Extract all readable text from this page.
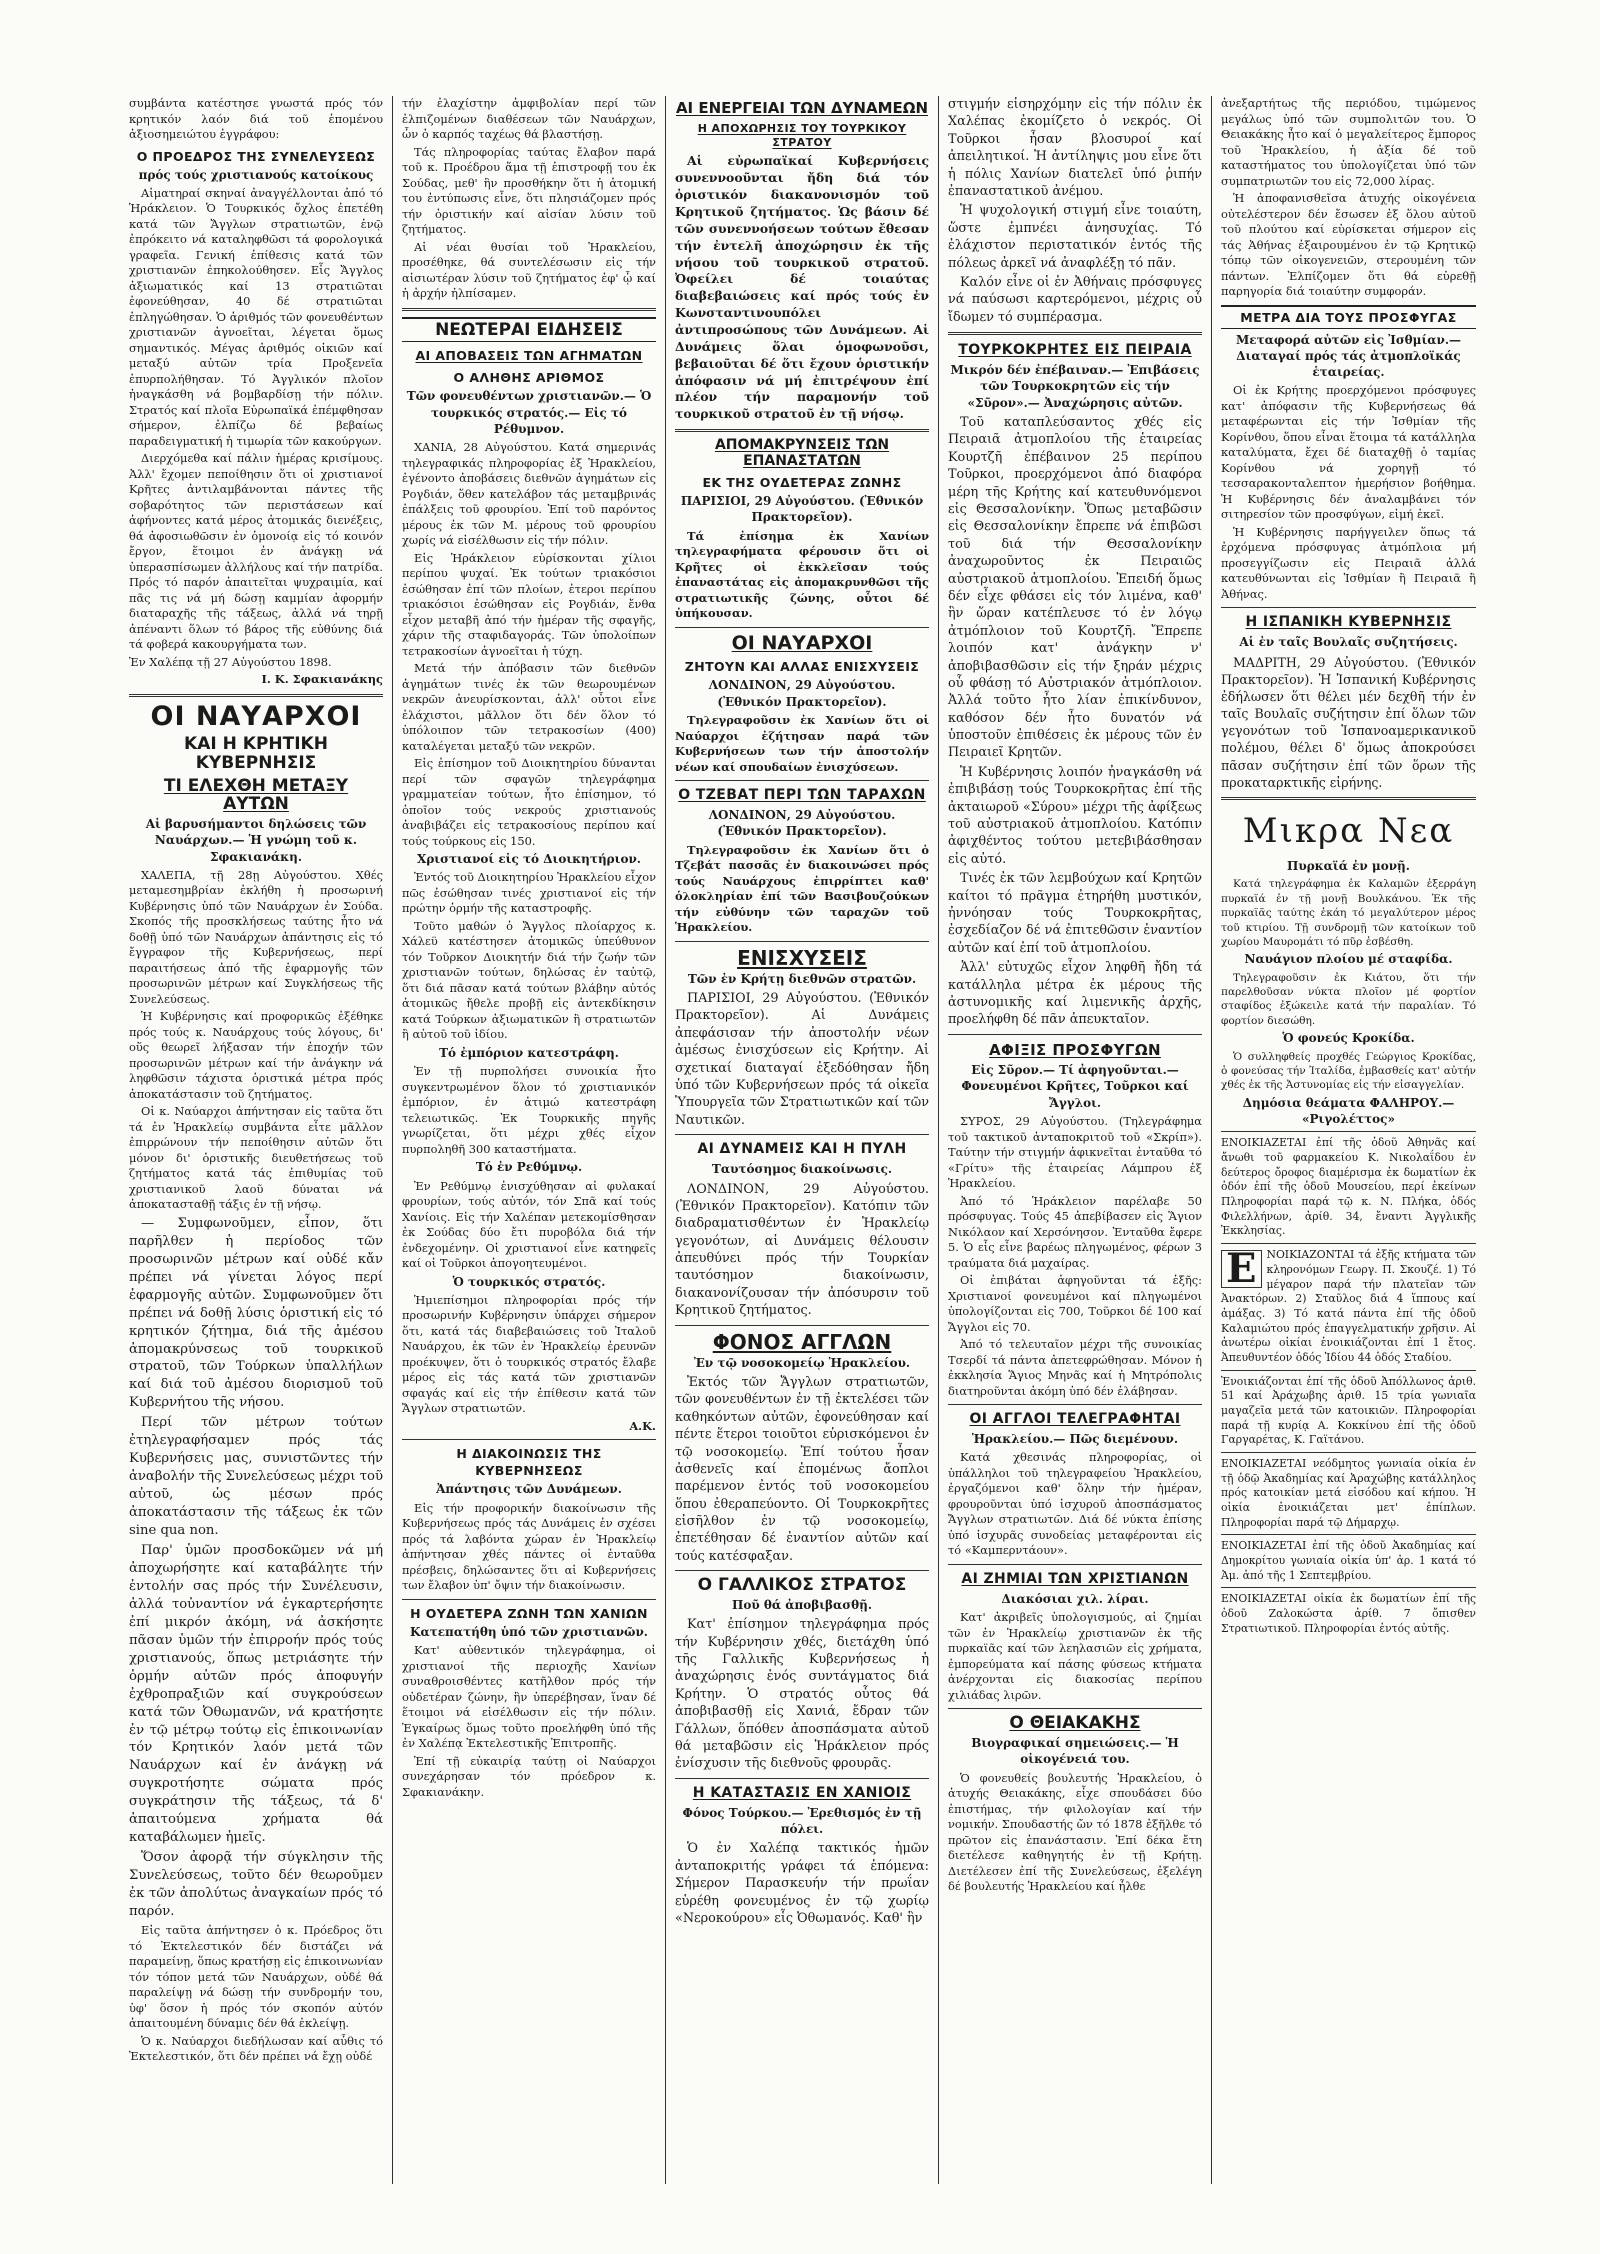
συμβάντα κατέστησε γνωστά πρός τόν κρητικόν λαόν διά τοῦ ἑπομένου ἀξιοσημειώτου ἐγγράφου:

Ο ΠΡΟΕΔΡΟΣ ΤΗΣ ΣΥΝΕΛΕΥΣΕΩΣ
πρός τούς χριστιανούς κατοίκους

Αἱματηραί σκηναί ἀναγγέλλονται ἀπό τό Ἡράκλειον. Ὁ Τουρκικός ὄχλος ἐπετέθη κατά τῶν Ἄγγλων στρατιωτῶν, ἐνῷ ἐπρόκειτο νά καταληφθῶσι τά φορολογικά γραφεῖα. Γενική ἐπίθεσις κατά τῶν χριστιανῶν ἐπηκολούθησεν. Εἷς Ἄγγλος ἀξιωματικός καί 13 στρατιῶται ἐφονεύθησαν, 40 δέ στρατιῶται ἐπληγώθησαν. Ὁ ἀριθμός τῶν φονευθέντων χριστιανῶν ἀγνοεῖται, λέγεται ὅμως σημαντικός. Μέγας ἀριθμός οἰκιῶν καί μεταξύ αὐτῶν τρία Προξενεῖα ἐπυρπολήθησαν. Τό Ἀγγλικόν πλοῖον ἠναγκάσθη νά βομβαρδίσῃ τήν πόλιν. Στρατός καί πλοῖα Εὐρωπαϊκά ἐπέμφθησαν σήμερον, ἐλπίζω δέ βεβαίως παραδειγματική ἡ τιμωρία τῶν κακούργων.

Διερχόμεθα καί πάλιν ἡμέρας κρισίμους. Ἀλλ' ἔχομεν πεποίθησιν ὅτι οἱ χριστιανοί Κρῆτες ἀντιλαμβάνονται πάντες τῆς σοβαρότητος τῶν περιστάσεων καί ἀφήνοντες κατά μέρος ἀτομικάς διενέξεις, θά ἀφοσιωθῶσιν ἐν ὁμονοίᾳ εἰς τό κοινόν ἔργον, ἕτοιμοι ἐν ἀνάγκῃ νά ὑπερασπίσωμεν ἀλλήλους καί τήν πατρίδα. Πρός τό παρόν ἀπαιτεῖται ψυχραιμία, καί πᾶς τις νά μή δώσῃ καμμίαν ἀφορμήν διαταραχῆς τῆς τάξεως, ἀλλά νά τηρῇ ἀπέναντι ὅλων τό βάρος τῆς εὐθύνης διά τά φοβερά κακουργήματα των.

Ἐν Χαλέπᾳ τῇ 27 Αὐγούστου 1898.

Ι. Κ. Σφακιανάκης
ΟΙ ΝΑΥΑΡΧΟΙ
ΚΑΙ Η ΚΡΗΤΙΚΗ ΚΥΒΕΡΝΗΣΙΣ
ΤΙ ΕΛΕΧΘΗ ΜΕΤΑΞΥ ΑΥΤΩΝ
Αἱ βαρυσήμαντοι δηλώσεις τῶν Ναυάρχων.— Ἡ γνώμη τοῦ κ. Σφακιανάκη.

ΧΑΛΕΠΑ, τῇ 28ῃ Αὐγούστου. Χθές μεταμεσημβρίαν ἐκλήθη ἡ προσωρινή Κυβέρνησις ὑπό τῶν Ναυάρχων ἐν Σούδα. Σκοπός τῆς προσκλήσεως ταύτης ἦτο νά δοθῇ ὑπό τῶν Ναυάρχων ἀπάντησις εἰς τό ἔγγραφον τῆς Κυβερνήσεως, περί παραιτήσεως ἀπό τῆς ἐφαρμογῆς τῶν προσωρινῶν μέτρων καί Συγκλήσεως τῆς Συνελεύσεως.

Ἡ Κυβέρνησις καί προφορικῶς ἐξέθηκε πρός τούς κ. Ναυάρχους τούς λόγους, δι' οὕς θεωρεῖ λήξασαν τήν ἐποχήν τῶν προσωρινῶν μέτρων καί τήν ἀνάγκην νά ληφθῶσιν τάχιστα ὁριστικά μέτρα πρός ἀποκατάστασιν τοῦ ζητήματος.

Οἱ κ. Ναύαρχοι ἀπήντησαν εἰς ταῦτα ὅτι τά ἐν Ἡρακλείῳ συμβάντα εἶτε μᾶλλον ἐπιρρώνουν τήν πεποίθησιν αὐτῶν ὅτι μόνον δι' ὁριστικῆς διευθετήσεως τοῦ ζητήματος κατά τάς ἐπιθυμίας τοῦ χριστιανικοῦ λαοῦ δύναται νά ἀποκατασταθῇ τάξις ἐν τῇ νήσῳ.

— Συμφωνοῦμεν, εἶπον, ὅτι παρῆλθεν ἡ περίοδος τῶν προσωρινῶν μέτρων καί οὐδέ κἄν πρέπει νά γίνεται λόγος περί ἐφαρμογῆς αὐτῶν. Συμφωνοῦμεν ὅτι πρέπει νά δοθῇ λύσις ὁριστική εἰς τό κρητικόν ζήτημα, διά τῆς ἀμέσου ἀπομακρύνσεως τοῦ τουρκικοῦ στρατοῦ, τῶν Τούρκων ὑπαλλήλων καί διά τοῦ ἀμέσου διορισμοῦ τοῦ Κυβερνήτου τῆς νήσου.

Περί τῶν μέτρων τούτων ἐτηλεγραφήσαμεν πρός τάς Κυβερνήσεις μας, συνιστῶντες τήν ἀναβολήν τῆς Συνελεύσεως μέχρι τοῦ αὐτοῦ, ὡς μέσων πρός ἀποκατάστασιν τῆς τάξεως ἐκ τῶν sine qua non.

Παρ' ὑμῶν προσδοκῶμεν νά μή ἀποχωρήσητε καί καταβάλητε τήν ἐντολήν σας πρός τήν Συνέλευσιν, ἀλλά τοὐναντίον νά ἐγκαρτερήσητε ἐπί μικρόν ἀκόμη, νά ἀσκήσητε πᾶσαν ὑμῶν τήν ἐπιρροήν πρός τούς χριστιανούς, ὅπως μετριάσητε τήν ὁρμήν αὐτῶν πρός ἀποφυγήν ἐχθροπραξιῶν καί συγκρούσεων κατά τῶν Ὀθωμανῶν, νά κρατήσητε ἐν τῷ μέτρῳ τούτῳ εἰς ἐπικοινωνίαν τόν Κρητικόν λαόν μετά τῶν Ναυάρχων καί ἐν ἀνάγκῃ νά συγκροτήσητε σώματα πρός συγκράτησιν τῆς τάξεως, τά δ' ἀπαιτούμενα χρήματα θά καταβάλωμεν ἡμεῖς.

Ὅσον ἀφορᾷ τήν σύγκλησιν τῆς Συνελεύσεως, τοῦτο δέν θεωροῦμεν ἐκ τῶν ἀπολύτως ἀναγκαίων πρός τό παρόν.

Εἰς ταῦτα ἀπήντησεν ὁ κ. Πρόεδρος ὅτι τό Ἐκτελεστικόν δέν διστάζει νά παραμείνῃ, ὅπως κρατήσῃ εἰς ἐπικοινωνίαν τόν τόπον μετά τῶν Ναυάρχων, οὐδέ θά παραλείψῃ νά δώσῃ τήν συνδρομήν του, ὑφ' ὅσον ἡ πρός τόν σκοπόν αὐτόν ἀπαιτουμένη δύναμις δέν θά ἐκλείψῃ.

Ὁ κ. Ναύαρχοι διεδήλωσαν καί αὖθις τό Ἐκτελεστικόν, ὅτι δέν πρέπει νά ἔχῃ οὐδέ

τήν ἐλαχίστην ἀμφιβολίαν περί τῶν ἐλπιζομένων διαθέσεων τῶν Ναυάρχων, ὧν ὁ καρπός ταχέως θά βλαστήσῃ.

Τάς πληροφορίας ταύτας ἔλαβον παρά τοῦ κ. Προέδρου ἅμα τῇ ἐπιστροφῇ του ἐκ Σούδας, μεθ' ἣν προσθήκην ὅτι ἡ ἀτομική του ἐντύπωσις εἶνε, ὅτι πλησιάζομεν πρός τήν ὁριστικήν καί αἰσίαν λύσιν τοῦ ζητήματος.

Αἱ νέαι θυσίαι τοῦ Ἡρακλείου, προσέθηκε, θά συντελέσωσιν εἰς τήν αἰσιωτέραν λύσιν τοῦ ζητήματος ἐφ' ᾧ καί ἡ ἀρχήν ἠλπίσαμεν.

ΝΕΩΤΕΡΑΙ ΕΙΔΗΣΕΙΣ
ΑΙ ΑΠΟΒΑΣΕΙΣ ΤΩΝ ΑΓΗΜΑΤΩΝ
Ο ΑΛΗΘΗΣ ΑΡΙΘΜΟΣ
Τῶν φονευθέντων χριστιανῶν.— Ὁ τουρκικός στρατός.— Εἰς τό Ρέθυμνον.

ΧΑΝΙΑ, 28 Αὐγούστου. Κατά σημερινάς τηλεγραφικάς πληροφορίας ἐξ Ἡρακλείου, ἐγένοντο ἀποβάσεις διεθνῶν ἀγημάτων εἰς Ρογδιάν, ὅθεν κατελάβον τάς μεταμβρινάς ἐπάλξεις τοῦ φρουρίου. Ἐπί τοῦ παρόντος μέρους ἐκ τῶν Μ. μέρους τοῦ φρουρίου χωρίς νά εἰσέλθωσιν εἰς τήν πόλιν.

Εἰς Ἡράκλειον εὑρίσκονται χίλιοι περίπου ψυχαί. Ἐκ τούτων τριακόσιοι ἐσώθησαν ἐπί τῶν πλοίων, ἐτεροι περίπου τριακόσιοι ἐσώθησαν εἰς Ρογδιάν, ἔνθα εἶχον μεταβῆ ἀπό τήν ἡμέραν τῆς σφαγῆς, χάριν τῆς σταφιδαγοράς. Τῶν ὑπολοίπων τετρακοσίων ἀγνοεῖται ἡ τύχη.

Μετά τήν ἀπόβασιν τῶν διεθνῶν ἀγημάτων τινές ἐκ τῶν θεωρουμένων νεκρῶν ἀνευρίσκονται, ἀλλ' οὗτοι εἶνε ἐλάχιστοι, μᾶλλον ὅτι δέν ὅλον τό ὑπόλοιπον τῶν τετρακοσίων (400) καταλέγεται μεταξύ τῶν νεκρῶν.

Εἰς ἐπίσημον τοῦ Διοικητηρίου δύνανται περί τῶν σφαγῶν τηλεγράφημα γραμματείαν τούτων, ἦτο ἐπίσημον, τό ὁποῖον τούς νεκρούς χριστιανούς ἀναβιβάζει εἰς τετρακοσίους περίπου καί τούς τούρκους εἰς 150.

Χριστιανοί εἰς τό Διοικητήριον.

Ἐντός τοῦ Διοικητηρίου Ἡρακλείου εἶχον πῶς ἐσώθησαν τινές χριστιανοί εἰς τήν πρώτην ὁρμήν τῆς καταστροφῆς.

Τοῦτο μαθών ὁ Ἄγγλος πλοίαρχος κ. Χάλεϋ κατέστησεν ἀτομικῶς ὑπεύθυνον τόν Τοῦρκον Διοικητήν διά τήν ζωήν τῶν χριστιανῶν τούτων, δηλώσας ἐν ταὐτῷ, ὅτι διά πᾶσαν κατά τούτων βλάβην αὐτός ἀτομικῶς ἤθελε προβῇ εἰς ἀντεκδίκησιν κατά Τούρκων ἀξιωματικῶν ἢ στρατιωτῶν ἢ αὐτοῦ τοῦ ἰδίου.

Τό ἐμπόριον κατεστράφη.

Ἐν τῇ πυρπολήσει συνοικία ἦτο συγκεντρωμένον ὅλον τό χριστιανικόν ἐμπόριον, ἐν ἀτιμώ κατεστράφη τελειωτικῶς. Ἐκ Τουρκικῆς πηγῆς γνωρίζεται, ὅτι μέχρι χθές εἶχον πυρποληθῆ 300 καταστήματα.

Τό ἐν Ρεθύμνῳ.

Ἐν Ρεθύμνῳ ἐνισχύθησαν αἱ φυλακαί φρουρίων, τούς αὐτόν, τόν Σπᾶ καί τούς Χανίοις. Εἰς τήν Χαλέπαν μετεκομίσθησαν ἐκ Σούδας δύο ἔτι πυροβόλα διά τήν ἐνδεχομένην. Οἱ χριστιανοί εἶνε κατηφεῖς καί οἱ Τοῦρκοι ἀπογοητευμένοι.

Ὁ τουρκικός στρατός.

Ἡμιεπίσημοι πληροφορίαι πρός τήν προσωρινήν Κυβέρνησιν ὑπάρχει σήμερον ὅτι, κατά τάς διαβεβαιώσεις τοῦ Ἰταλοῦ Ναυάρχου, ἐκ τῶν ἐν Ἡρακλείῳ ἐρευνῶν προέκυψεν, ὅτι ὁ τουρκικός στρατός ἔλαβε μέρος εἰς τάς κατά τῶν χριστιανῶν σφαγάς καί εἰς τήν ἐπίθεσιν κατά τῶν Ἄγγλων στρατιωτῶν.

Α.Κ.
Η ΔΙΑΚΟΙΝΩΣΙΣ ΤΗΣ ΚΥΒΕΡΝΗΣΕΩΣ
Ἀπάντησις τῶν Δυνάμεων.

Εἰς τήν προφορικήν διακοίνωσιν τῆς Κυβερνήσεως πρός τάς Δυνάμεις ἐν σχέσει πρός τά λαβόντα χώραν ἐν Ἡρακλείῳ ἀπήντησαν χθές πάντες οἱ ἐνταῦθα πρέσβεις, δηλώσαντες ὅτι αἱ Κυβερνήσεις των ἔλαβον ὑπ' ὄψιν τήν διακοίνωσιν.

Η ΟΥΔΕΤΕΡΑ ΖΩΝΗ ΤΩΝ ΧΑΝΙΩΝ
Κατεπατήθη ὑπό τῶν χριστιανῶν.

Κατ' αὐθεντικόν τηλεγράφημα, οἱ χριστιανοί τῆς περιοχῆς Χανίων συναθροισθέντες κατῆλθον πρός τήν οὐδετέραν ζώνην, ἣν ὑπερέβησαν, ἵναν δέ ἕτοιμοι νά εἰσέλθωσιν εἰς τήν πόλιν. Ἐγκαίρως ὅμως τοῦτο προελήφθη ὑπό τῆς ἐν Χαλέπᾳ Ἐκτελεστικῆς Ἐπιτροπῆς.

Ἐπί τῇ εὐκαιρίᾳ ταύτῃ οἱ Ναύαρχοι συνεχάρησαν τόν πρόεδρον κ. Σφακιανάκην.

ΑΙ ΕΝΕΡΓΕΙΑΙ ΤΩΝ ΔΥΝΑΜΕΩΝ
Η ΑΠΟΧΩΡΗΣΙΣ ΤΟΥ ΤΟΥΡΚΙΚΟΥ ΣΤΡΑΤΟΥ

Αἱ εὐρωπαϊκαί Κυβερνήσεις συνεννοοῦνται ἤδη διά τόν ὁριστικόν διακανονισμόν τοῦ Κρητικοῦ ζητήματος. Ὡς βάσιν δέ τῶν συνεννοήσεων τούτων ἔθεσαν τήν ἐντελῆ ἀποχώρησιν ἐκ τῆς νήσου τοῦ τουρκικοῦ στρατοῦ. Ὀφείλει δέ τοιαύτας διαβεβαιώσεις καί πρός τούς ἐν Κωνσταντινουπόλει ἀντιπροσώπους τῶν Δυνάμεων. Αἱ Δυνάμεις ὅλαι ὁμοφωνοῦσι, βεβαιοῦται δέ ὅτι ἔχουν ὁριστικήν ἀπόφασιν νά μή ἐπιτρέψουν ἐπί πλέον τήν παραμονήν τοῦ τουρκικοῦ στρατοῦ ἐν τῇ νήσῳ.

ΑΠΟΜΑΚΡΥΝΣΕΙΣ ΤΩΝ ΕΠΑΝΑΣΤΑΤΩΝ
ΕΚ ΤΗΣ ΟΥΔΕΤΕΡΑΣ ΖΩΝΗΣ
ΠΑΡΙΣΙΟΙ, 29 Αὐγούστου. (Ἐθνικόν Πρακτορεῖον).

Τά ἐπίσημα ἐκ Χανίων τηλεγραφήματα φέρουσιν ὅτι οἱ Κρῆτες οἱ ἐκκλεῖσαν τούς ἐπαναστάτας εἰς ἀπομακρυνθῶσι τῆς στρατιωτικῆς ζώνης, οὗτοι δέ ὑπήκουσαν.

ΟΙ ΝΑΥΑΡΧΟΙ
ΖΗΤΟΥΝ ΚΑΙ ΑΛΛΑΣ ΕΝΙΣΧΥΣΕΙΣ
ΛΟΝΔΙΝΟΝ, 29 Αὐγούστου. (Ἐθνικόν Πρακτορεῖον).

Τηλεγραφοῦσιν ἐκ Χανίων ὅτι οἱ Ναύαρχοι ἐζήτησαν παρά τῶν Κυβερνήσεων των τήν ἀποστολήν νέων καί σπουδαίων ἐνισχύσεων.

Ο ΤΖΕΒΑΤ ΠΕΡΙ ΤΩΝ ΤΑΡΑΧΩΝ
ΛΟΝΔΙΝΟΝ, 29 Αὐγούστου. (Ἐθνικόν Πρακτορεῖον).

Τηλεγραφοῦσιν ἐκ Χανίων ὅτι ὁ Τζεβάτ πασσᾶς ἐν διακοινώσει πρός τούς Ναυάρχους ἐπιρρίπτει καθ' ὁλοκληρίαν ἐπί τῶν Βασιβουζούκων τήν εὐθύνην τῶν ταραχῶν τοῦ Ἡρακλείου.

ΕΝΙΣΧΥΣΕΙΣ
Τῶν ἐν Κρήτῃ διεθνῶν στρατῶν.

ΠΑΡΙΣΙΟΙ, 29 Αὐγούστου. (Ἐθνικόν Πρακτορεῖον). Αἱ Δυνάμεις ἀπεφάσισαν τήν ἀποστολήν νέων ἀμέσως ἐνισχύσεων εἰς Κρήτην. Αἱ σχετικαί διαταγαί ἐξεδόθησαν ἤδη ὑπό τῶν Κυβερνήσεων πρός τά οἰκεῖα Ὑπουργεῖα τῶν Στρατιωτικῶν καί τῶν Ναυτικῶν.

ΑΙ ΔΥΝΑΜΕΙΣ ΚΑΙ Η ΠΥΛΗ
Ταυτόσημος διακοίνωσις.

ΛΟΝΔΙΝΟΝ, 29 Αὐγούστου. (Ἐθνικόν Πρακτορεῖον). Κατόπιν τῶν διαδραματισθέντων ἐν Ἡρακλείῳ γεγονότων, αἱ Δυνάμεις θέλουσιν ἀπευθύνει πρός τήν Τουρκίαν ταυτόσημον διακοίνωσιν, διακανονίζουσαν τήν ἀπόσυρσιν τοῦ Κρητικοῦ ζητήματος.

ΦΟΝΟΣ ΑΓΓΛΩΝ
Ἐν τῷ νοσοκομείῳ Ἡρακλείου.

Ἐκτός τῶν Ἄγγλων στρατιωτῶν, τῶν φονευθέντων ἐν τῇ ἐκτελέσει τῶν καθηκόντων αὐτῶν, ἐφονεύθησαν καί πέντε ἕτεροι τοιοῦτοι εὑρισκόμενοι ἐν τῷ νοσοκομείῳ. Ἐπί τούτου ἦσαν ἀσθενεῖς καί ἑπομένως ἄοπλοι παρέμενον ἐντός τοῦ νοσοκομείου ὅπου ἐθεραπεύοντο. Οἱ Τουρκοκρῆτες εἰσῆλθον ἐν τῷ νοσοκομείῳ, ἐπετέθησαν δέ ἐναντίον αὐτῶν καί τούς κατέσφαξαν.

Ο ΓΑΛΛΙΚΟΣ ΣΤΡΑΤΟΣ
Ποῦ θά ἀποβιβασθῇ.

Κατ' ἐπίσημον τηλεγράφημα πρός τήν Κυβέρνησιν χθές, διετάχθη ὑπό τῆς Γαλλικῆς Κυβερνήσεως ἡ ἀναχώρησις ἑνός συντάγματος διά Κρήτην. Ὁ στρατός οὗτος θά ἀποβιβασθῇ εἰς Χανιά, ἔδραν τῶν Γάλλων, ὅπόθεν ἀποσπάσματα αὐτοῦ θά μεταβῶσιν εἰς Ἡράκλειον πρός ἐνίσχυσιν τῆς διεθνοῦς φρουρᾶς.

Η ΚΑΤΑΣΤΑΣΙΣ ΕΝ ΧΑΝΙΟΙΣ
Φόνος Τούρκου.— Ἐρεθισμός ἐν τῇ πόλει.

Ὁ ἐν Χαλέπᾳ τακτικός ἡμῶν ἀνταποκριτής γράφει τά ἑπόμενα: Σήμερον Παρασκευήν τήν πρωΐαν εὑρέθη φονευμένος ἐν τῷ χωρίῳ «Νεροκούρου» εἷς Ὀθωμανός. Καθ' ἣν

στιγμήν εἰσηρχόμην εἰς τήν πόλιν ἐκ Χαλέπας ἐκομίζετο ὁ νεκρός. Οἱ Τοῦρκοι ἦσαν βλοσυροί καί ἀπειλητικοί. Ἡ ἀντίληψις μου εἶνε ὅτι ἡ πόλις Χανίων διατελεῖ ὑπό ῥιπήν ἐπαναστατικοῦ ἀνέμου.

Ἡ ψυχολογική στιγμή εἶνε τοιαύτη, ὥστε ἐμπνέει ἀνησυχίας. Τό ἐλάχιστον περιστατικόν ἐντός τῆς πόλεως ἀρκεῖ νά ἀναφλέξῃ τό πᾶν.

Καλόν εἶνε οἱ ἐν Ἀθήναις πρόσφυγες νά παύσωσι καρτερόμενοι, μέχρις οὗ ἴδωμεν τό συμπέρασμα.

ΤΟΥΡΚΟΚΡΗΤΕΣ ΕΙΣ ΠΕΙΡΑΙΑ
Μικρόν δέν ἐπέβαιναν.— Ἐπιβάσεις τῶν Τουρκοκρητῶν εἰς τήν «Σῦρον».— Ἀναχώρησις αὐτῶν.

Τοῦ καταπλεύσαντος χθές εἰς Πειραιᾶ ἀτμοπλοίου τῆς ἑταιρείας Κουρτζῆ ἐπέβαινον 25 περίπου Τοῦρκοι, προερχόμενοι ἀπό διαφόρα μέρη τῆς Κρήτης καί κατευθυνόμενοι εἰς Θεσσαλονίκην. Ὅπως μεταβῶσιν εἰς Θεσσαλονίκην ἔπρεπε νά ἐπιβῶσι τοῦ διά τήν Θεσσαλονίκην ἀναχωροῦντος ἐκ Πειραιῶς αὐστριακοῦ ἀτμοπλοίου. Ἐπειδή ὅμως δέν εἶχε φθάσει εἰς τόν λιμένα, καθ' ἣν ὥραν κατέπλευσε τό ἐν λόγῳ ἀτμόπλοιον τοῦ Κουρτζῆ. Ἔπρεπε λοιπόν κατ' ἀνάγκην ν' ἀποβιβασθῶσιν εἰς τήν ξηράν μέχρις οὗ φθάσῃ τό Αὐστριακόν ἀτμόπλοιον. Ἀλλά τοῦτο ἦτο λίαν ἐπικίνδυνον, καθόσον δέν ἦτο δυνατόν νά ὑποστοῦν ἐπιθέσεις ἐκ μέρους τῶν ἐν Πειραιεῖ Κρητῶν.

Ἡ Κυβέρνησις λοιπόν ἠναγκάσθη νά ἐπιβιβάσῃ τούς Τουρκοκρῆτας ἐπί τῆς ἀκταιωροῦ «Σύρου» μέχρι τῆς ἀφίξεως τοῦ αὐστριακοῦ ἀτμοπλοίου. Κατόπιν ἀφιχθέντος τούτου μετεβιβάσθησαν εἰς αὐτό.

Τινές ἐκ τῶν λεμβούχων καί Κρητῶν καίτοι τό πρᾶγμα ἐτηρήθη μυστικόν, ἠννόησαν τούς Τουρκοκρῆτας, ἐσχεδίαζον δέ νά ἐπιτεθῶσιν ἐναντίον αὐτῶν καί ἐπί τοῦ ἀτμοπλοίου.

Ἀλλ' εὐτυχῶς εἶχον ληφθῆ ἤδη τά κατάλληλα μέτρα ἐκ μέρους τῆς ἀστυνομικῆς καί λιμενικῆς ἀρχῆς, προελήφθη δέ πᾶν ἀπευκταῖον.

ΑΦΙΞΙΣ ΠΡΟΣΦΥΓΩΝ
Εἰς Σῦρον.— Τί ἀφηγοῦνται.— Φονευμένοι Κρῆτες, Τοῦρκοι καί Ἄγγλοι.

ΣΥΡΟΣ, 29 Αὐγούστου. (Τηλεγράφημα τοῦ τακτικοῦ ἀνταποκριτοῦ τοῦ «Σκρίπ»). Ταύτην τήν στιγμήν ἀφικνεῖται ἐνταῦθα τό «Γρίτυ» τῆς ἑταιρείας Λάμπρου ἐξ Ἡρακλείου.

Ἀπό τό Ἡράκλειον παρέλαβε 50 πρόσφυγας. Τούς 45 ἀπεβίβασεν εἰς Ἅγιον Νικόλαον καί Χερσόνησον. Ἐνταῦθα ἔφερε 5. Ὁ εἷς εἶνε βαρέως πληγωμένος, φέρων 3 τραύματα διά μαχαίρας.

Οἱ ἐπιβάται ἀφηγοῦνται τά ἑξῆς: Χριστιανοί φονευμένοι καί πληγωμένοι ὑπολογίζονται εἰς 700, Τοῦρκοι δέ 100 καί Ἄγγλοι εἰς 70.

Ἀπό τό τελευταῖον μέχρι τῆς συνοικίας Τσερδί τά πάντα ἀπετεφρώθησαν. Μόνον ἡ ἐκκλησία Ἅγιος Μηνᾶς καί ἡ Μητρόπολις διατηροῦνται ἀκόμη ὑπό δέν ἐλάβησαν.

ΟΙ ΑΓΓΛΟΙ ΤΕΛΕΓΡΑΦΗΤΑΙ
Ἡρακλείου.— Πῶς διεμένουν.

Κατά χθεσινάς πληροφορίας, οἱ ὑπάλληλοι τοῦ τηλεγραφείου Ἡρακλείου, ἐργαζόμενοι καθ' ὅλην τήν ἡμέραν, φρουροῦνται ὑπό ἰσχυροῦ ἀποσπάσματος Ἄγγλων στρατιωτῶν. Διά δέ νύκτα ἐπίσης ὑπό ἰσχυρᾶς συνοδείας μεταφέρονται εἰς τό «Καμπερντάουν».

ΑΙ ΖΗΜΙΑΙ ΤΩΝ ΧΡΙΣΤΙΑΝΩΝ
Διακόσιαι χιλ. λίραι.

Κατ' ἀκριβεῖς ὑπολογισμούς, αἱ ζημίαι τῶν ἐν Ἡρακλείῳ χριστιανῶν ἐκ τῆς πυρκαϊᾶς καί τῶν λεηλασιῶν εἰς χρήματα, ἐμπορεύματα καί πάσης φύσεως κτήματα ἀνέρχονται εἰς διακοσίας περίπου χιλιάδας λιρῶν.

Ο ΘΕΙΑΚΑΚΗΣ
Βιογραφικαί σημειώσεις.— Ἡ οἰκογένειά του.

Ὁ φονευθείς βουλευτής Ἡρακλείου, ὁ ἀτυχής Θειακάκης, εἶχε σπουδάσει δύο ἐπιστήμας, τήν φιλολογίαν καί τήν νομικήν. Σπουδαστής ὤν τό 1878 ἐξῆλθε τό πρῶτον εἰς ἐπανάστασιν. Ἐπί δέκα ἔτη διετέλεσε καθηγητής ἐν τῇ Κρήτῃ. Διετέλεσεν ἐπί τῆς Συνελεύσεως, ἐξελέγη δέ βουλευτής Ἡρακλείου καί ἦλθε

ἀνεξαρτήτως τῆς περιόδου, τιμώμενος μεγάλως ὑπό τῶν συμπολιτῶν του. Ὁ Θειακάκης ἦτο καί ὁ μεγαλείτερος ἔμπορος τοῦ Ἡρακλείου, ἡ ἀξία δέ τοῦ καταστήματος του ὑπολογίζεται ὑπό τῶν συμπατριωτῶν του εἰς 72,000 λίρας.

Ἡ ἀποφανισθεῖσα ἀτυχής οἰκογένεια οὐτελέστερον δέν ἔσωσεν ἐξ ὅλου αὐτοῦ τοῦ πλούτου καί εὑρίσκεται σήμερον εἰς τάς Ἀθήνας ἐξαιρουμένου ἐν τῷ Κρητικῷ τόπῳ τῶν οἰκογενειῶν, στερουμένη τῶν πάντων. Ἐλπίζομεν ὅτι θά εὑρεθῇ παρηγορία διά τοιαύτην συμφοράν.

ΜΕΤΡΑ ΔΙΑ ΤΟΥΣ ΠΡΟΣΦΥΓΑΣ
Μεταφορά αὐτῶν εἰς Ἰσθμίαν.— Διαταγαί πρός τάς ἀτμοπλοϊκάς ἑταιρείας.

Οἱ ἐκ Κρήτης προερχόμενοι πρόσφυγες κατ' ἀπόφασιν τῆς Κυβερνήσεως θά μεταφέρωνται εἰς τήν Ἰσθμίαν τῆς Κορίνθου, ὅπου εἶναι ἕτοιμα τά κατάλληλα καταλύματα, ἔχει δέ διαταχθῇ ὁ ταμίας Κορίνθου νά χορηγῇ τό τεσσαρακονταλεπτον ἡμερήσιον βοήθημα. Ἡ Κυβέρνησις δέν ἀναλαμβάνει τόν σιτηρεσίον τῶν προσφύγων, εἰμή ἐκεῖ.

Ἡ Κυβέρνησις παρήγγειλεν ὅπως τά ἐρχόμενα πρόσφυγας ἀτμόπλοια μή προσεγγίζωσιν εἰς Πειραιᾶ ἀλλά κατευθύνωνται εἰς Ἰσθμίαν ἢ Πειραιᾶ ἢ Ἀθήνας.

Η ΙΣΠΑΝΙΚΗ ΚΥΒΕΡΝΗΣΙΣ
Αἱ ἐν ταῖς Βουλαῖς συζητήσεις.

ΜΑΔΡΙΤΗ, 29 Αὐγούστου. (Ἐθνικόν Πρακτορεῖον). Ἡ Ἱσπανική Κυβέρνησις ἐδήλωσεν ὅτι θέλει μέν δεχθῆ τήν ἐν ταῖς Βουλαῖς συζήτησιν ἐπί ὅλων τῶν γεγονότων τοῦ Ἱσπανοαμερικανικοῦ πολέμου, θέλει δ' ὅμως ἀποκρούσει πᾶσαν συζήτησιν ἐπί τῶν ὅρων τῆς προκαταρκτικῆς εἰρήνης.

Μικρα Νεα
Πυρκαϊά ἐν μονῇ.

Κατά τηλεγράφημα ἐκ Καλαμῶν ἐξερράγη πυρκαϊά ἐν τῇ μονῇ Βουλκάνου. Ἐκ τῆς πυρκαϊᾶς ταύτης ἐκάη τό μεγαλύτερον μέρος τοῦ κτιρίου. Τῇ συνδρομῇ τῶν κατοίκων τοῦ χωρίου Μαυρομάτι τό πῦρ ἐσβέσθη.

Ναυάγιον πλοίου μέ σταφίδα.

Τηλεγραφοῦσιν ἐκ Κιάτου, ὅτι τήν παρελθοῦσαν νύκτα πλοῖον μέ φορτίον σταφίδος ἐξώκειλε κατά τήν παραλίαν. Τό φορτίον διεσώθη.

Ὁ φονεύς Κροκίδα.

Ὁ συλληφθείς προχθές Γεώργιος Κροκίδας, ὁ φονεύσας τήν Ἰταλίδα, ἐμβασθείς κατ' αὐτήν χθές ἐκ τῆς Ἀστυνομίας εἰς τήν εἰσαγγελίαν.

Δημόσια θεάματα ΦΑΛΗΡΟΥ.— «Ριγολέττος»

ΕΝΟΙΚΙΑΖΕΤΑΙ ἐπί τῆς ὁδοῦ Ἀθηνᾶς καί ἄνωθι τοῦ φαρμακείου Κ. Νικολαΐδου ἐν δεύτερος ὄροφος διαμέρισμα ἐκ δωματίων ἐκ ὁδόν ἐπί τῆς ὁδοῦ Μουσείου, περί ἐκείνων Πληροφορίαι παρά τῷ κ. Ν. Πλήκα, ὁδός Φιλελλήνων, ἀρίθ. 34, ἔναντι Ἀγγλικῆς Ἐκκλησίας.

Ε ΝΟΙΚΙΑΖΟΝΤΑΙ τά ἑξῆς κτήματα τῶν κληρονόμων Γεωργ. Π. Σκουζέ. 1) Τό μέγαρον παρά τήν πλατεῖαν τῶν Ἀνακτόρων. 2) Σταῦλος διά 4 ἵππους καί ἀμάξας. 3) Τό κατά πάντα ἐπί τῆς ὁδοῦ Καλαμιώτου πρός ἐπαγγελματικήν χρῆσιν. Αἱ ἀνωτέρω οἰκίαι ἐνοικιάζονται ἐπί 1 ἔτος. Ἀπευθυντέον ὁδός Ἰδίου 44 ὁδός Σταδίου.

Ἐνοικιάζονται ἐπί τῆς ὁδοῦ Ἀπόλλωνος ἀριθ. 51 καί Ἀράχωβης ἀριθ. 15 τρία γωνιαῖα μαγαζεῖα μετά τῶν κατοικιῶν. Πληροφορίαι παρά τῇ κυρίᾳ Α. Κοκκίνου ἐπί τῆς ὁδοῦ Γαργαρέτας, Κ. Γαϊτάνου.

ΕΝΟΙΚΙΑΖΕΤΑΙ νεόδμητος γωνιαία οἰκία ἐν τῇ ὁδῷ Ἀκαδημίας καί Ἀραχώβης κατάλληλος πρός κατοικίαν μετά εἰσόδου καί κήπου. Ἡ οἰκία ἐνοικιάζεται μετ' ἐπίπλων. Πληροφορίαι παρά τῷ Δήμαρχῳ.

ΕΝΟΙΚΙΑΖΕΤΑΙ ἐπί τῆς ὁδοῦ Ἀκαδημίας καί Δημοκρίτου γωνιαία οἰκία ὑπ' ἀρ. 1 κατά τό Ἀμ. ἀπό τῆς 1 Σεπτεμβρίου.

ΕΝΟΙΚΙΑΖΕΤΑΙ οἰκία ἐκ δωματίων ἐπί τῆς ὁδοῦ Ζαλοκώστα ἀρίθ. 7 ὄπισθεν Στρατιωτικοῦ. Πληροφορίαι ἐντός αὐτῆς.
